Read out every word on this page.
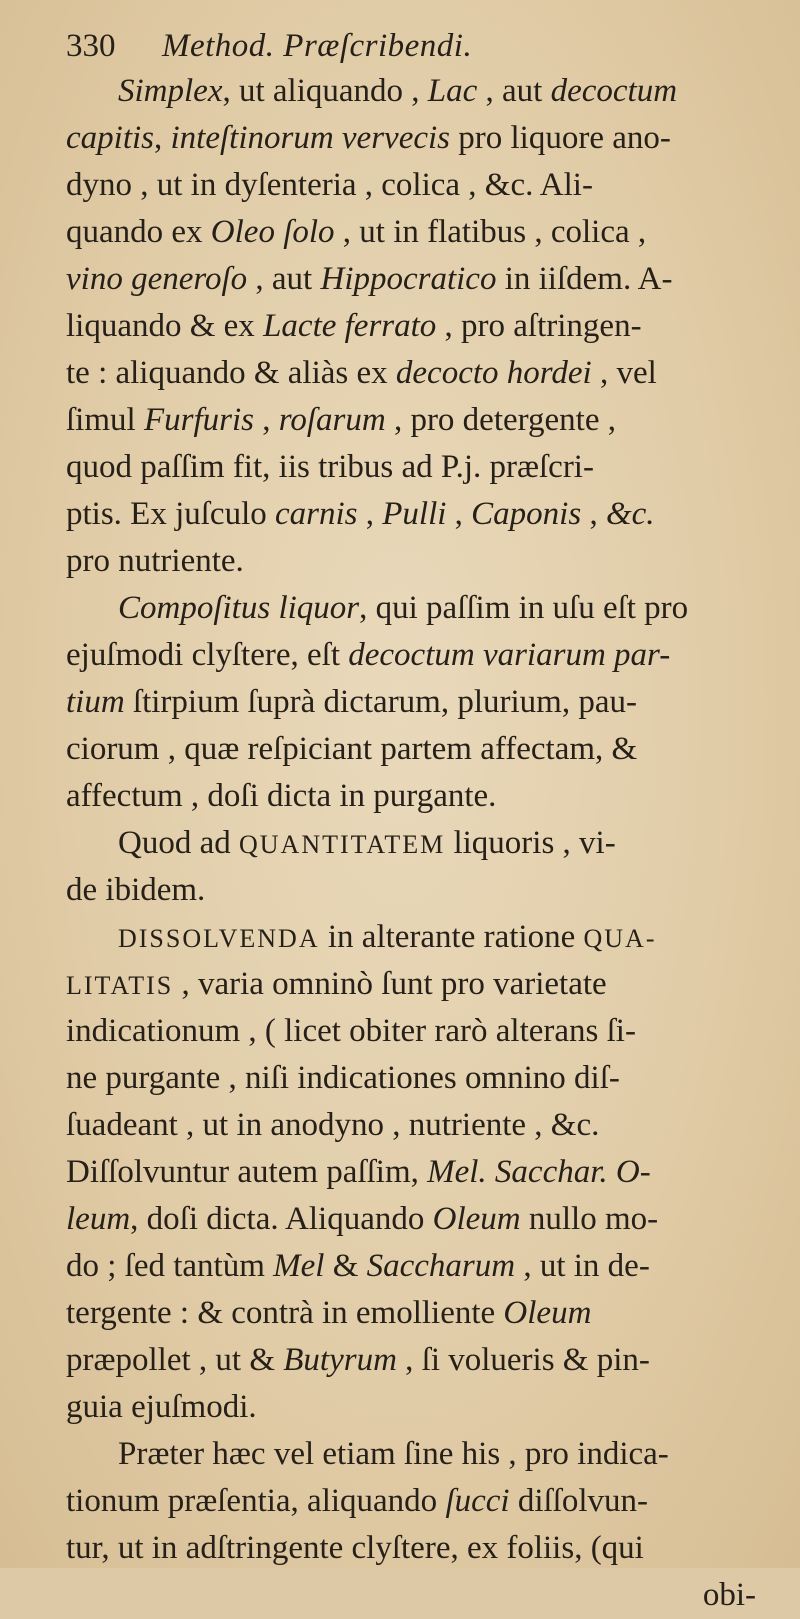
330	Method. Præſcribendi.
Simplex, ut aliquando , Lac , aut decoctum
capitis, inteſtinorum vervecis pro liquore ano-
dyno , ut in dyſenteria , colica , &c. Ali-
quando ex Oleo ſolo , ut in flatibus , colica ,
vino generoſo , aut Hippocratico in iiſdem. A-
liquando & ex Lacte ferrato , pro aſtringen-
te : aliquando & aliàs ex decocto hordei , vel
ſimul Furfuris , roſarum , pro detergente ,
quod paſſim fit, iis tribus ad P.j. præſcri-
ptis. Ex juſculo carnis , Pulli , Caponis , &c.
pro nutriente.
Compoſitus liquor, qui paſſim in uſu eſt pro
ejuſmodi clyſtere, eſt decoctum variarum par-
tium ſtirpium ſuprà dictarum, plurium, pau-
ciorum , quæ reſpiciant partem affectam, &
affectum , doſi dicta in purgante.
Quod ad QUANTITATEM liquoris , vi-
de ibidem.
DISSOLVENDA in alterante ratione QUA-
LITATIS , varia omninò ſunt pro varietate
indicationum , ( licet obiter rarò alterans ſi-
ne purgante , niſi indicationes omnino diſ-
ſuadeant , ut in anodyno , nutriente , &c.
Diſſolvuntur autem paſſim, Mel. Sacchar. O-
leum, doſi dicta. Aliquando Oleum nullo mo-
do ; ſed tantùm Mel & Saccharum , ut in de-
tergente : & contrà in emolliente Oleum
præpollet , ut & Butyrum , ſi volueris & pin-
guia ejuſmodi.
Præter hæc vel etiam ſine his , pro indica-
tionum præſentia, aliquando ſucci diſſolvun-
tur, ut in adſtringente clyſtere, ex foliis, (qui
obi-
